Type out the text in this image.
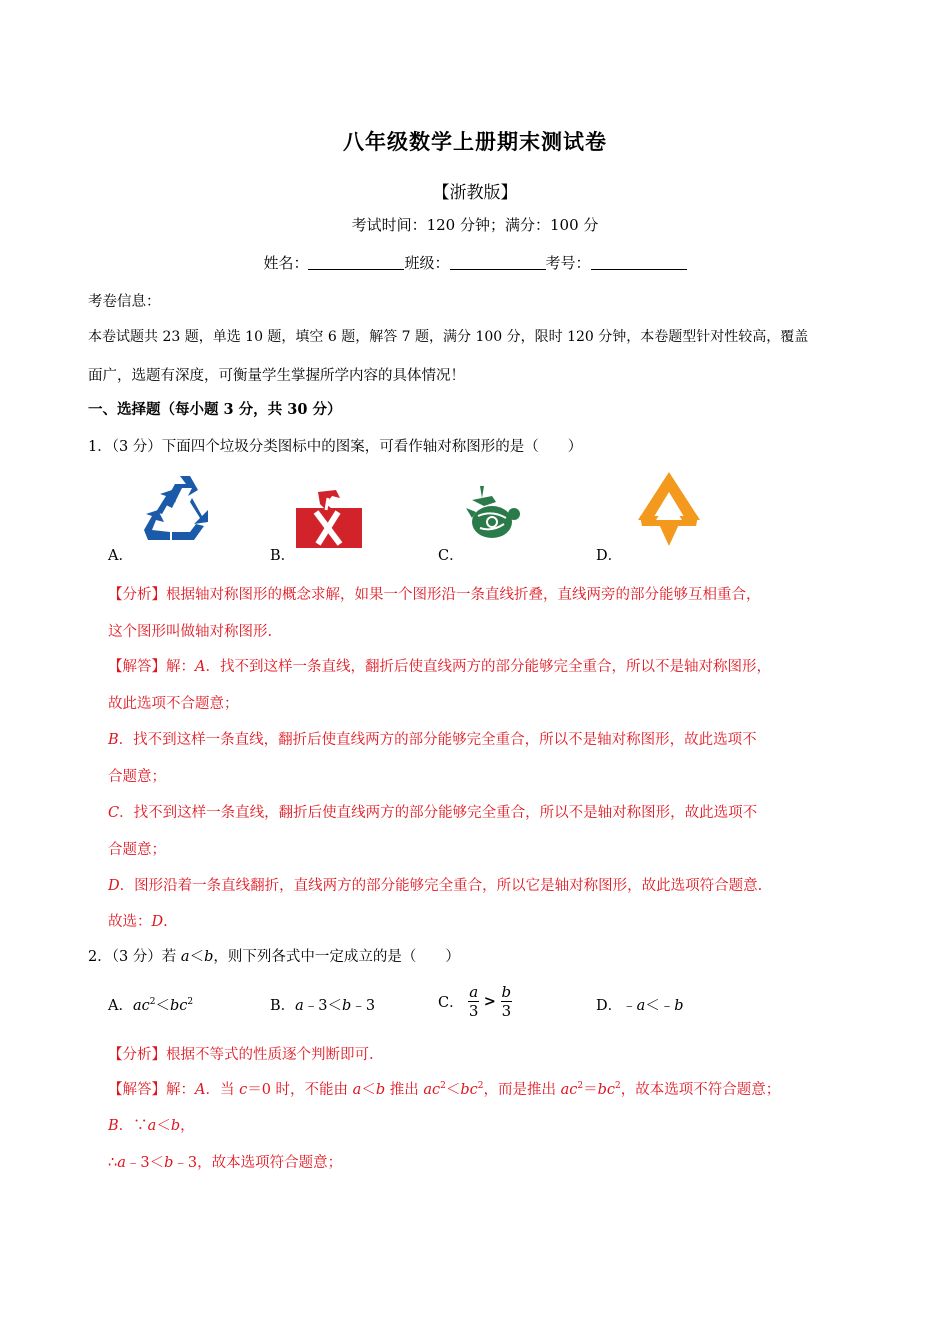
八年级数学上册期末测试卷
【浙教版】
考试时间：120 分钟；满分：100 分
姓名：	班级：	考号：
考卷信息：
本卷试题共 23 题，单选 10 题，填空 6 题，解答 7 题，满分 100 分，限时 120 分钟，本卷题型针对性较高，覆盖
面广，选题有深度，可衡量学生掌握所学内容的具体情况！
一、选择题（每小题 3 分，共 30 分）
1．（3 分）下面四个垃圾分类图标中的图案，可看作轴对称图形的是（　　）
A．	B．	C．	D．
【分析】根据轴对称图形的概念求解，如果一个图形沿一条直线折叠，直线两旁的部分能够互相重合，
这个图形叫做轴对称图形.
【解答】解：A．找不到这样一条直线，翻折后使直线两方的部分能够完全重合，所以不是轴对称图形，
故此选项不合题意；
B．找不到这样一条直线，翻折后使直线两方的部分能够完全重合，所以不是轴对称图形，故此选项不
合题意；
C．找不到这样一条直线，翻折后使直线两方的部分能够完全重合，所以不是轴对称图形，故此选项不
合题意；
D．图形沿着一条直线翻折，直线两方的部分能够完全重合，所以它是轴对称图形，故此选项符合题意.
故选：D.
2．（3 分）若 a＜b，则下列各式中一定成立的是（　　）
A．$ac^2<bc^2$	B．a﹣3＜b﹣3	C． $\frac{a}{3} > \frac{b}{3}$	D．﹣a＜﹣b
【分析】根据不等式的性质逐个判断即可.
【解答】解：A．当 c＝0 时，不能由 a＜b 推出 $ac^2<bc^2$，而是推出 $ac^2=bc^2$，故本选项不符合题意；
B．∵a＜b，
∴a﹣3＜b﹣3，故本选项符合题意；
